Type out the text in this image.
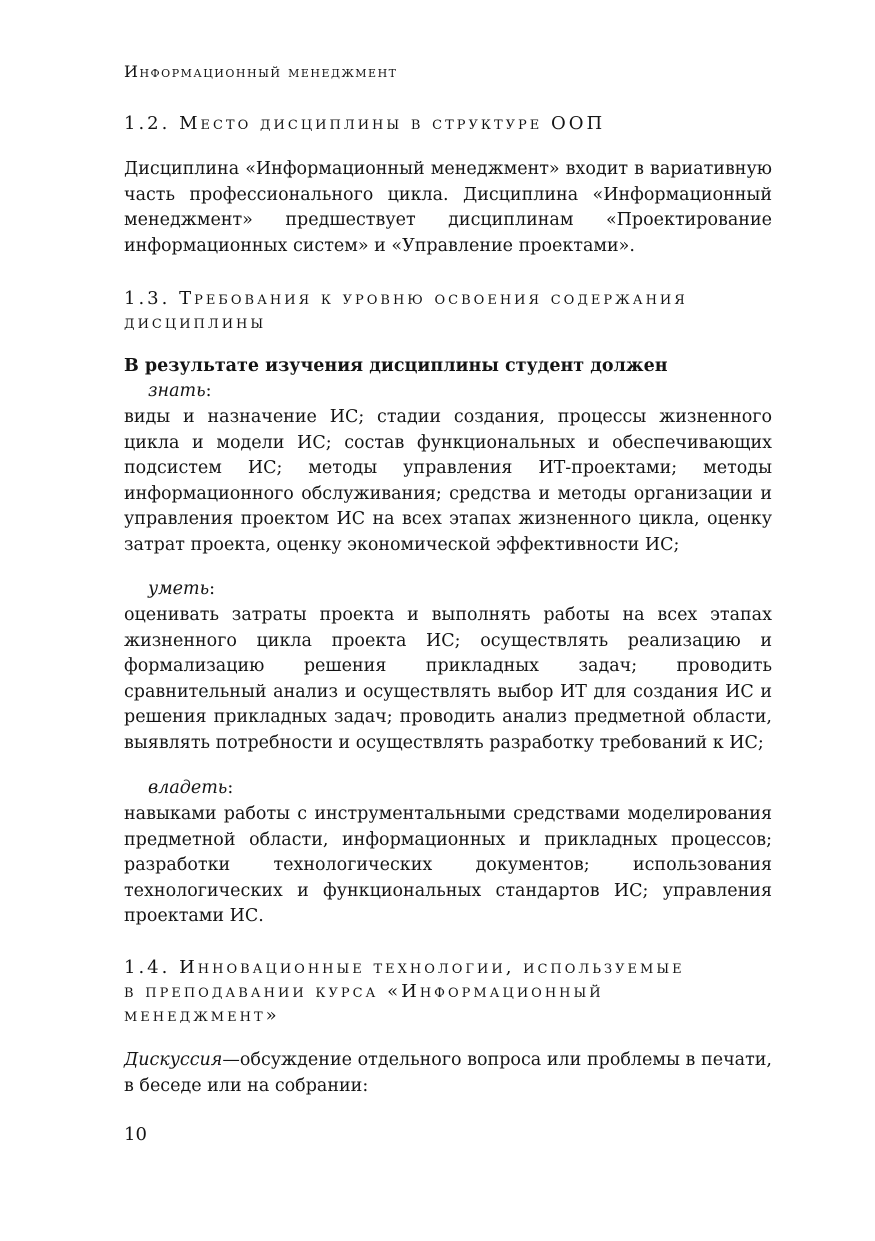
Информационный менеджмент
1.2. Место дисциплины в структуре ООП

Дисциплина «Информационный менеджмент» входит в вариативную часть профессионального цикла. Дисциплина «Информационный менеджмент» предшествует дисциплинам «Проектирование информационных систем» и «Управление проектами».

1.3. Требования к уровню освоения содержания
дисциплины

В результате изучения дисциплины студент должен

знать:

виды и назначение ИС; стадии создания, процессы жизненного цикла и модели ИС; состав функциональных и обеспечивающих подсистем ИС; методы управления ИТ-проектами; методы информационного обслуживания; средства и методы организации и управления проектом ИС на всех этапах жизненного цикла, оценку затрат проекта, оценку экономической эффективности ИС;

уметь:

оценивать затраты проекта и выполнять работы на всех этапах жизненного цикла проекта ИС; осуществлять реализацию и формализацию решения прикладных задач; проводить сравнительный анализ и осуществлять выбор ИТ для создания ИС и решения прикладных задач; проводить анализ предметной области, выявлять потребности и осуществлять разработку требований к ИС;

владеть:

навыками работы с инструментальными средствами моделирования предметной области, информационных и прикладных процессов; разработки технологических документов; использования технологических и функциональных стандартов ИС; управления проектами ИС.

1.4. Инновационные технологии, используемые
в преподавании курса «Информационный
менеджмент»

Дискуссия—обсуждение отдельного вопроса или проблемы в печати, в беседе или на собрании:

10
